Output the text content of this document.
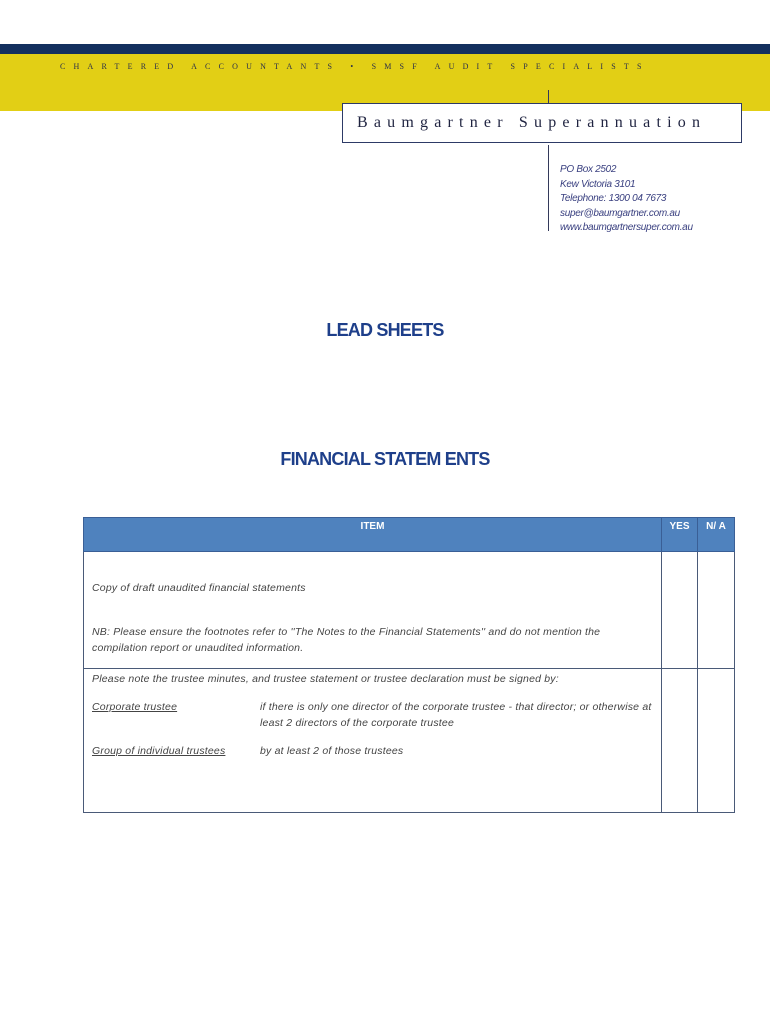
CHARTERED ACCOUNTANTS • SMSF AUDIT SPECIALISTS
Baumgartner Superannuation
PO Box 2502
Kew Victoria 3101
Telephone: 1300 04 7673
super@baumgartner.com.au
www.baumgartnersuper.com.au
LEAD SHEETS
FINANCIAL STATEM ENTS
ITEM	YES	N/ A

Copy of draft unaudited financial statements

NB: Please ensure the footnotes refer to ''The Notes to the Financial Statements'' and do not mention the compilation report or unaudited information.		

Please note the trustee minutes, and trustee statement or trustee declaration must be signed by:

Corporate trustee if there is only one director of the corporate trustee - that director; or otherwise at least 2 directors of the corporate trustee
Group of individual trustees by at least 2 of those trustees		
